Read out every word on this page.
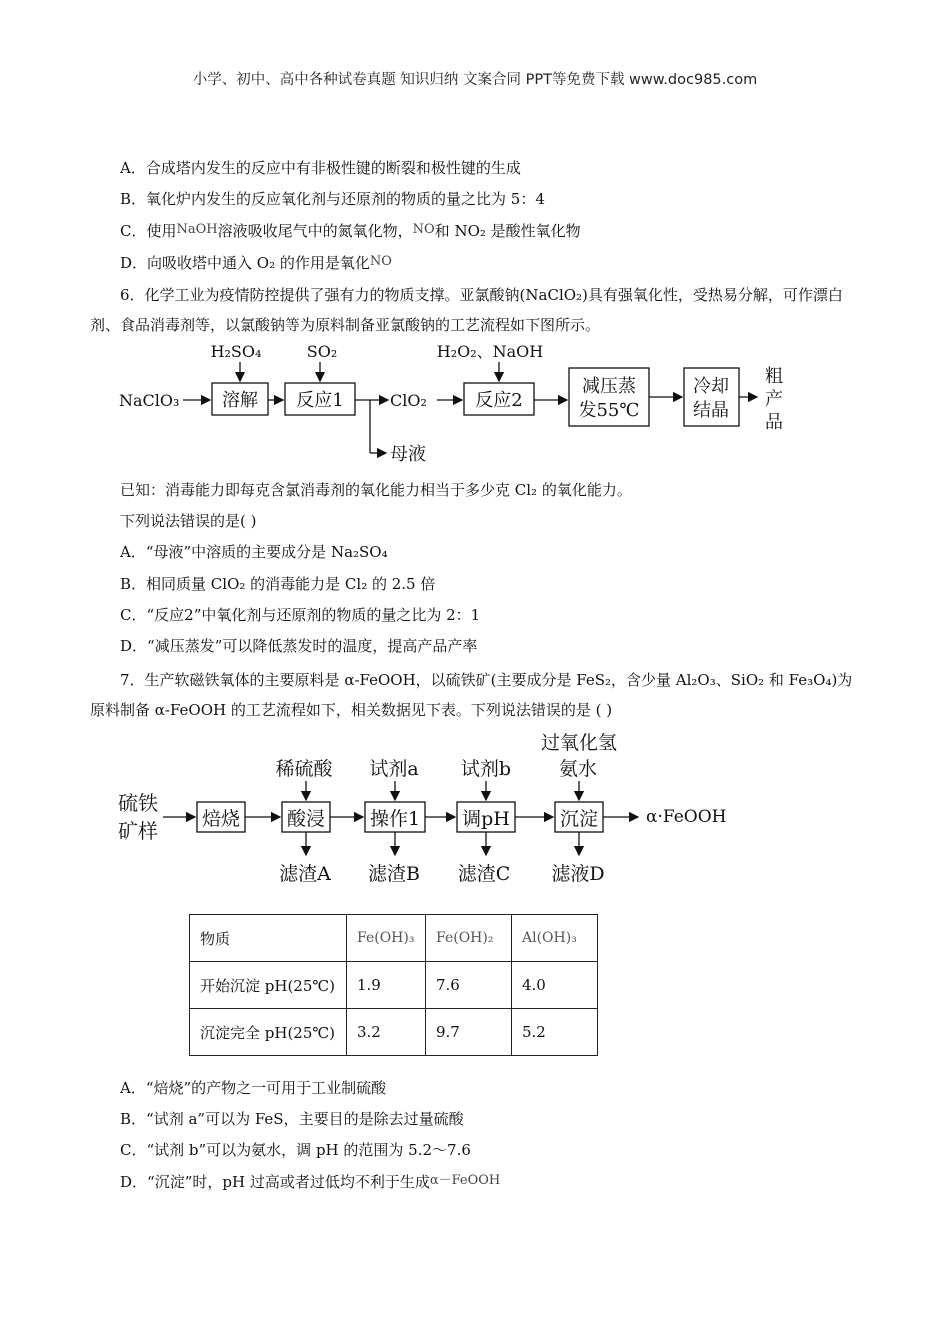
小学、初中、高中各种试卷真题 知识归纳 文案合同 PPT等免费下载 www.doc985.com
A．合成塔内发生的反应中有非极性键的断裂和极性键的生成
B．氧化炉内发生的反应氧化剂与还原剂的物质的量之比为 5：4
C．使用NaOH溶液吸收尾气中的氮氧化物，NO和 NO₂ 是酸性氧化物
D．向吸收塔中通入 O₂ 的作用是氧化NO
6．化学工业为疫情防控提供了强有力的物质支撑。亚氯酸钠(NaClO₂)具有强氧化性，受热易分解，可作漂白剂、食品消毒剂等，以氯酸钠等为原料制备亚氯酸钠的工艺流程如下图所示。
NaClO₃ 溶解
H₂SO₄
反应1
SO₂
母液
ClO₂	反应2
H₂O₂、NaOH
减压蒸
发55℃
冷却
结晶
粗
产
品
硫铁
矿样 焙烧 酸浸
稀硫酸
滤渣A
操作1
试剂a
滤渣B
调pH
试剂b
滤渣C
沉淀
过氧化氢
氨水
滤液D
α·FeOOH
已知：消毒能力即每克含氯消毒剂的氧化能力相当于多少克 Cl₂ 的氧化能力。
下列说法错误的是( )
A．“母液”中溶质的主要成分是 Na₂SO₄
B．相同质量 ClO₂ 的消毒能力是 Cl₂ 的 2.5 倍
C．“反应2”中氧化剂与还原剂的物质的量之比为 2：1
D．“减压蒸发”可以降低蒸发时的温度，提高产品产率
7．生产软磁铁氧体的主要原料是 α-FeOOH，以硫铁矿(主要成分是 FeS₂，含少量 Al₂O₃、SiO₂ 和 Fe₃O₄)为原料制备 α-FeOOH 的工艺流程如下，相关数据见下表。下列说法错误的是 ( )
物质	Fe(OH)₃	Fe(OH)₂	Al(OH)₃
开始沉淀 pH(25℃)	1.9	7.6	4.0
沉淀完全 pH(25℃)	3.2	9.7	5.2
A．“焙烧”的产物之一可用于工业制硫酸
B．“试剂 a”可以为 FeS，主要目的是除去过量硫酸
C．“试剂 b”可以为氨水，调 pH 的范围为 5.2～7.6
D．“沉淀”时，pH 过高或者过低均不利于生成α－FeOOH
